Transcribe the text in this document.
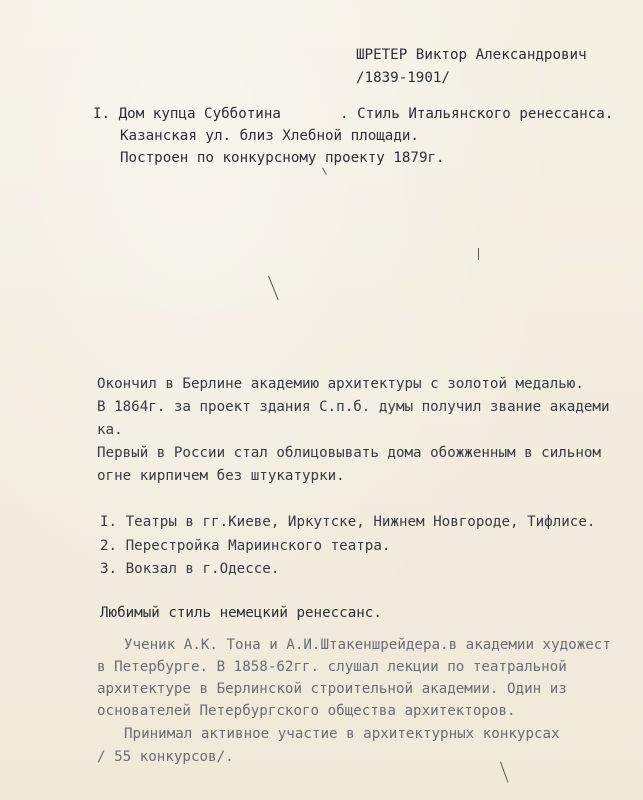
ШРЕТЕР Виктор Александрович
/1839-1901/
I. Дом купца Субботина	. Стиль Итальянского ренессанса.
Казанская ул. близ Хлебной площади.
Построен по конкурсному проекту 1879г.
Окончил в Берлине академию архитектуры с золотой медалью.
В 1864г. за проект здания С.п.б. думы получил звание академи
ка.
Первый в России стал облицовывать дома обожженным в сильном
огне кирпичем без штукатурки.
I. Театры в гг.Киеве, Иркутске, Нижнем Новгороде, Тифлисе.
2. Перестройка Мариинского театра.
3. Вокзал в г.Одессе.
Любимый стиль немецкий ренессанс.
Ученик А.К. Тона и А.И.Штакеншрейдера.в академии художест
в Петербурге. В 1858-62гг. слушал лекции по театральной
архитектуре в Берлинской строительной академии. Один из
основателей Петербургского общества архитекторов.
Принимал активное участие в архитектурных конкурсах
/ 55 конкурсов/.
